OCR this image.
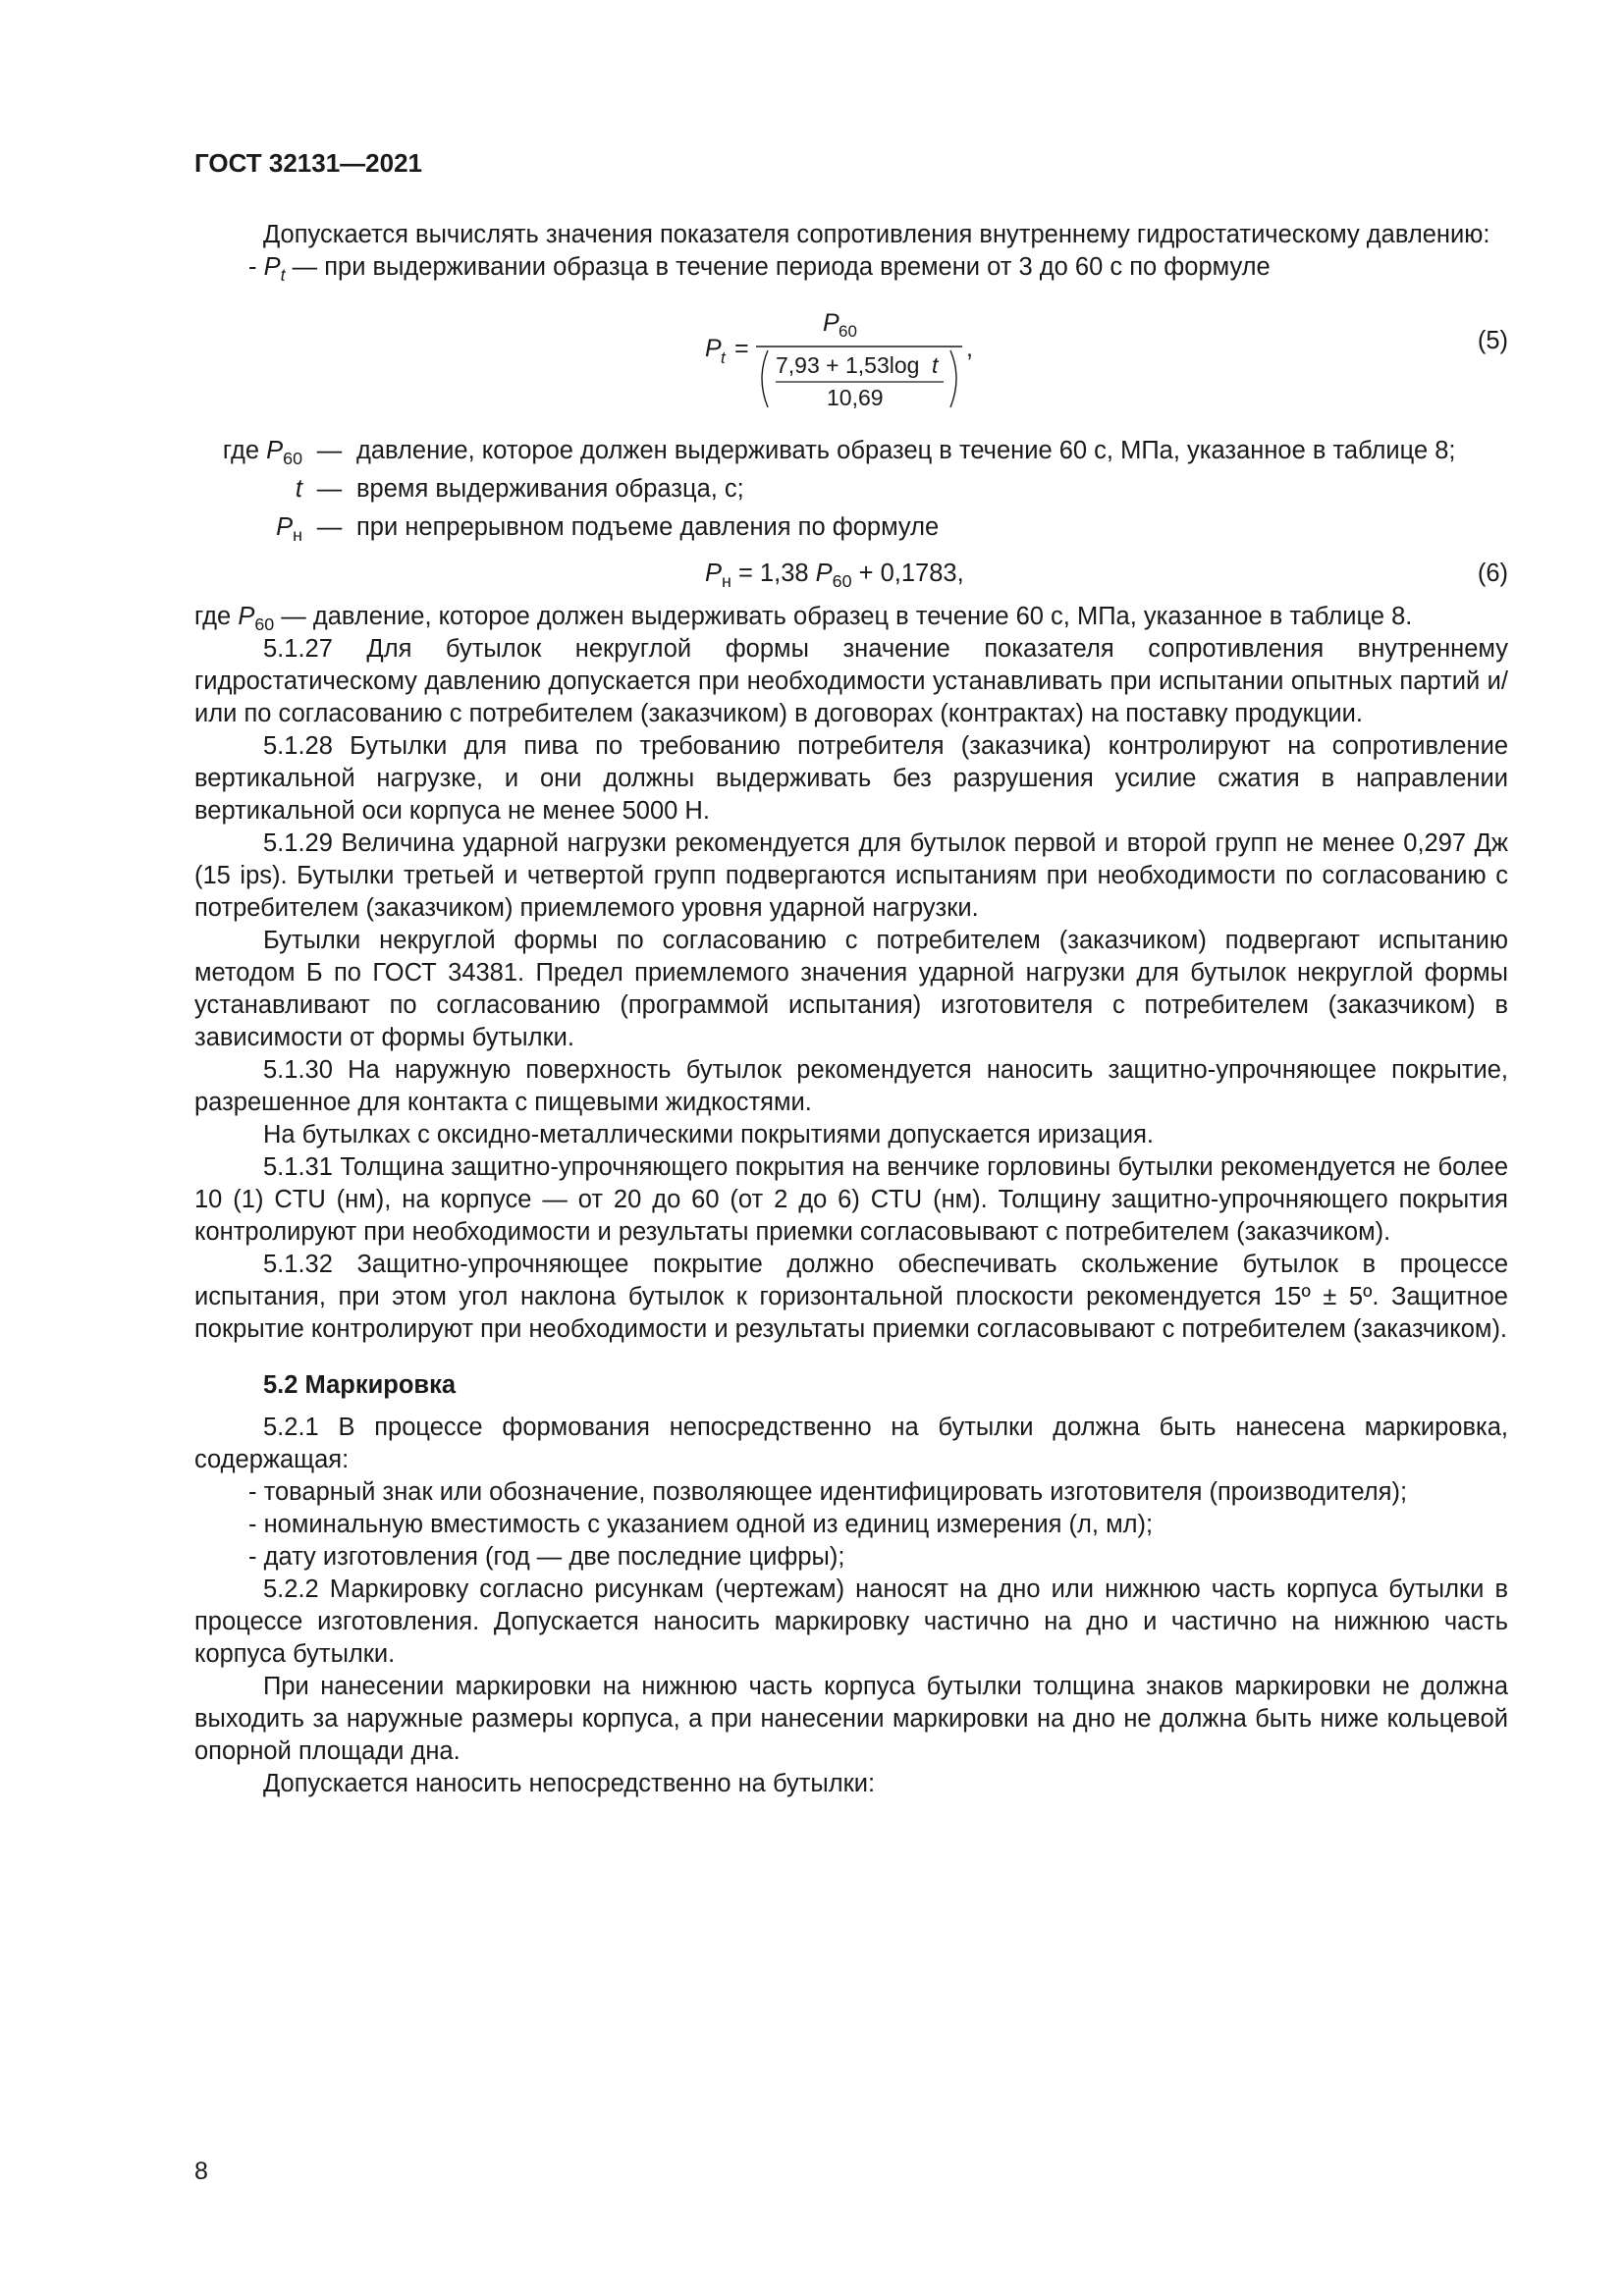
ГОСТ 32131—2021

Допускается вычислять значения показателя сопротивления внутреннему гидростатическому давлению:

- $P_t$ — при выдерживании образца в течение периода времени от 3 до 60 с по формуле

P t =
P 60
7,93 + 1,53log t
10,69
,	(5)
где $P_{60}$ — давление, которое должен выдерживать образец в течение 60 с, МПа, указанное в таблице 8;
t — время выдерживания образца, с;
$P_н$ — при непрерывном подъеме давления по формуле
$P_н = 1,38$ $P_{60} + 0,1783$,	(6)

где $P_{60}$ — давление, которое должен выдерживать образец в течение 60 с, МПа, указанное в таблице 8.

5.1.27 Для бутылок некруглой формы значение показателя сопротивления внутреннему гидростатическому давлению допускается при необходимости устанавливать при испытании опытных партий и/или по согласованию с потребителем (заказчиком) в договорах (контрактах) на поставку продукции.

5.1.28 Бутылки для пива по требованию потребителя (заказчика) контролируют на сопротивление вертикальной нагрузке, и они должны выдерживать без разрушения усилие сжатия в направлении вертикальной оси корпуса не менее 5000 Н.

5.1.29 Величина ударной нагрузки рекомендуется для бутылок первой и второй групп не менее 0,297 Дж (15 ips). Бутылки третьей и четвертой групп подвергаются испытаниям при необходимости по согласованию с потребителем (заказчиком) приемлемого уровня ударной нагрузки.

Бутылки некруглой формы по согласованию с потребителем (заказчиком) подвергают испытанию методом Б по ГОСТ 34381. Предел приемлемого значения ударной нагрузки для бутылок некруглой формы устанавливают по согласованию (программой испытания) изготовителя с потребителем (заказчиком) в зависимости от формы бутылки.

5.1.30 На наружную поверхность бутылок рекомендуется наносить защитно-упрочняющее покрытие, разрешенное для контакта с пищевыми жидкостями.

На бутылках с оксидно-металлическими покрытиями допускается иризация.

5.1.31 Толщина защитно-упрочняющего покрытия на венчике горловины бутылки рекомендуется не более 10 (1) CTU (нм), на корпусе — от 20 до 60 (от 2 до 6) CTU (нм). Толщину защитно-упрочняющего покрытия контролируют при необходимости и результаты приемки согласовывают с потребителем (заказчиком).

5.1.32 Защитно-упрочняющее покрытие должно обеспечивать скольжение бутылок в процессе испытания, при этом угол наклона бутылок к горизонтальной плоскости рекомендуется 15º ± 5º. Защитное покрытие контролируют при необходимости и результаты приемки согласовывают с потребителем (заказчиком).

5.2 Маркировка

5.2.1 В процессе формования непосредственно на бутылки должна быть нанесена маркировка, содержащая:

- товарный знак или обозначение, позволяющее идентифицировать изготовителя (производителя);

- номинальную вместимость с указанием одной из единиц измерения (л, мл);

- дату изготовления (год — две последние цифры);

5.2.2 Маркировку согласно рисункам (чертежам) наносят на дно или нижнюю часть корпуса бутылки в процессе изготовления. Допускается наносить маркировку частично на дно и частично на нижнюю часть корпуса бутылки.

При нанесении маркировки на нижнюю часть корпуса бутылки толщина знаков маркировки не должна выходить за наружные размеры корпуса, а при нанесении маркировки на дно не должна быть ниже кольцевой опорной площади дна.

Допускается наносить непосредственно на бутылки:

8
